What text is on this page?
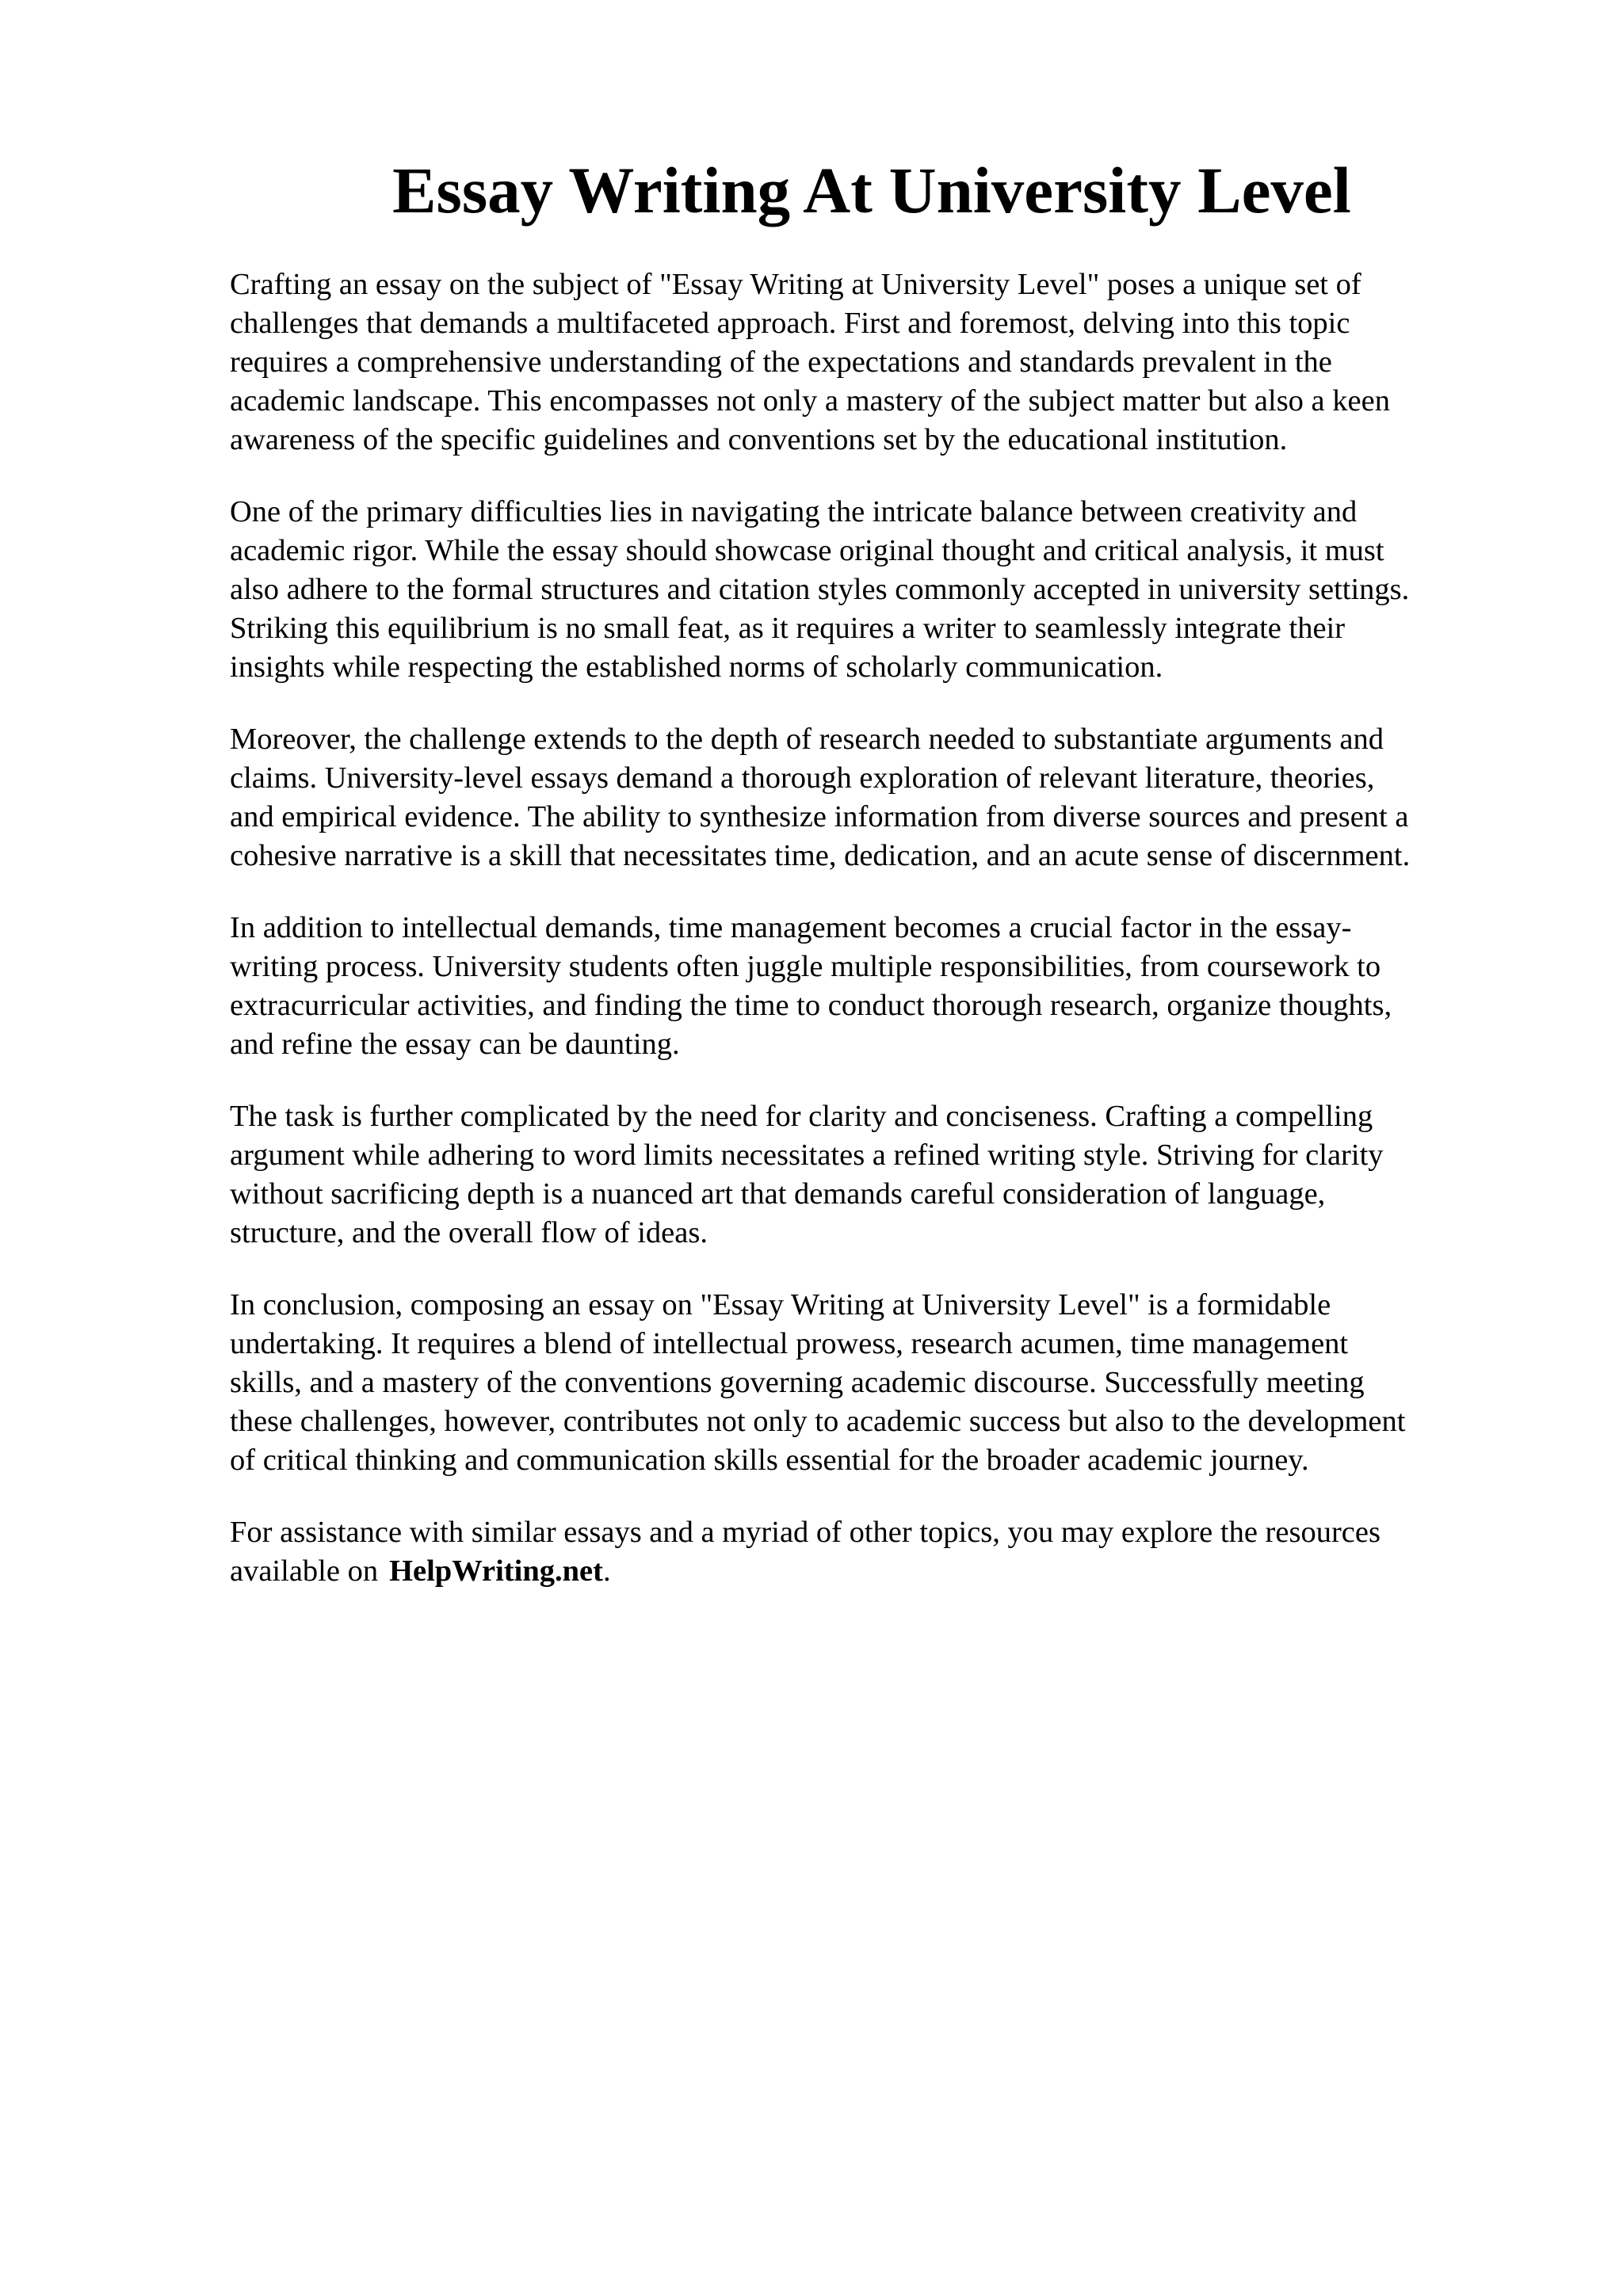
Essay Writing At University Level

Crafting an essay on the subject of "Essay Writing at University Level" poses a unique set of
challenges that demands a multifaceted approach. First and foremost, delving into this topic
requires a comprehensive understanding of the expectations and standards prevalent in the
academic landscape. This encompasses not only a mastery of the subject matter but also a keen
awareness of the specific guidelines and conventions set by the educational institution.

One of the primary difficulties lies in navigating the intricate balance between creativity and
academic rigor. While the essay should showcase original thought and critical analysis, it must
also adhere to the formal structures and citation styles commonly accepted in university settings.
Striking this equilibrium is no small feat, as it requires a writer to seamlessly integrate their
insights while respecting the established norms of scholarly communication.

Moreover, the challenge extends to the depth of research needed to substantiate arguments and
claims. University-level essays demand a thorough exploration of relevant literature, theories,
and empirical evidence. The ability to synthesize information from diverse sources and present a
cohesive narrative is a skill that necessitates time, dedication, and an acute sense of discernment.

In addition to intellectual demands, time management becomes a crucial factor in the essay-
writing process. University students often juggle multiple responsibilities, from coursework to
extracurricular activities, and finding the time to conduct thorough research, organize thoughts,
and refine the essay can be daunting.

The task is further complicated by the need for clarity and conciseness. Crafting a compelling
argument while adhering to word limits necessitates a refined writing style. Striving for clarity
without sacrificing depth is a nuanced art that demands careful consideration of language,
structure, and the overall flow of ideas.

In conclusion, composing an essay on "Essay Writing at University Level" is a formidable
undertaking. It requires a blend of intellectual prowess, research acumen, time management
skills, and a mastery of the conventions governing academic discourse. Successfully meeting
these challenges, however, contributes not only to academic success but also to the development
of critical thinking and communication skills essential for the broader academic journey.

For assistance with similar essays and a myriad of other topics, you may explore the resources
available on HelpWriting.net.
